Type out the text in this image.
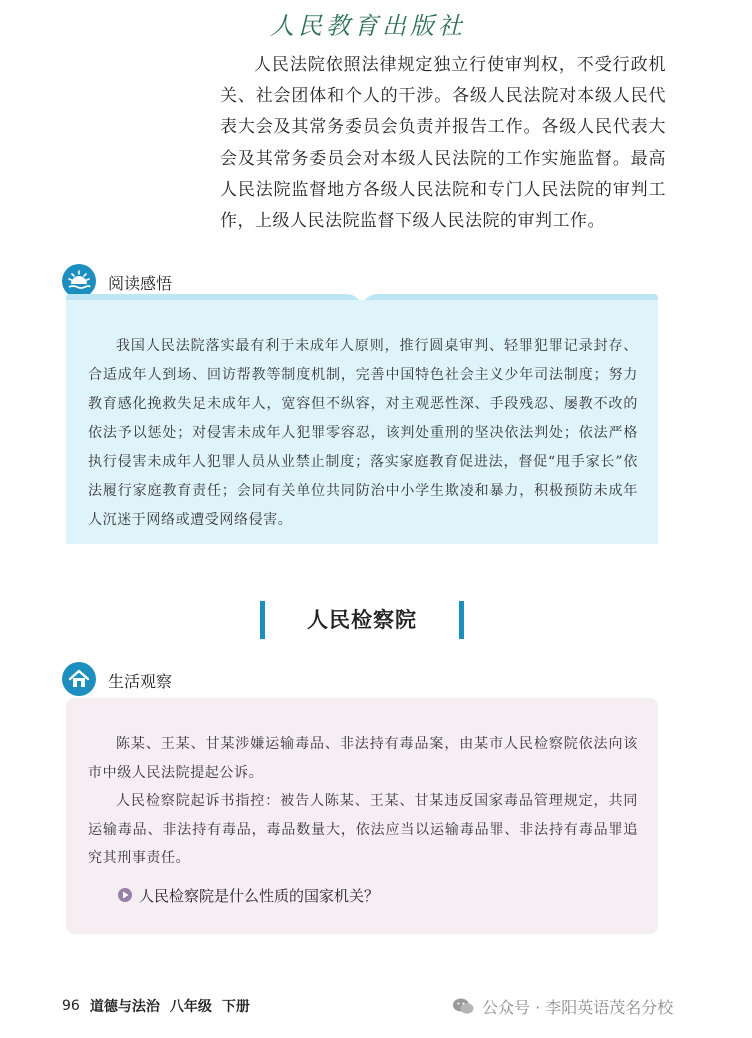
人民教育出版社
人民法院依照法律规定独立行使审判权，不受行政机关、社会团体和个人的干涉。各级人民法院对本级人民代表大会及其常务委员会负责并报告工作。各级人民代表大会及其常务委员会对本级人民法院的工作实施监督。最高人民法院监督地方各级人民法院和专门人民法院的审判工作，上级人民法院监督下级人民法院的审判工作。
阅读感悟
我国人民法院落实最有利于未成年人原则，推行圆桌审判、轻罪犯罪记录封存、合适成年人到场、回访帮教等制度机制，完善中国特色社会主义少年司法制度；努力教育感化挽救失足未成年人，宽容但不纵容，对主观恶性深、手段残忍、屡教不改的依法予以惩处；对侵害未成年人犯罪零容忍，该判处重刑的坚决依法判处；依法严格执行侵害未成年人犯罪人员从业禁止制度；落实家庭教育促进法，督促“甩手家长”依法履行家庭教育责任；会同有关单位共同防治中小学生欺凌和暴力，积极预防未成年人沉迷于网络或遭受网络侵害。
人民检察院
生活观察

陈某、王某、甘某涉嫌运输毒品、非法持有毒品案，由某市人民检察院依法向该市中级人民法院提起公诉。

人民检察院起诉书指控：被告人陈某、王某、甘某违反国家毒品管理规定，共同运输毒品、非法持有毒品，毒品数量大，依法应当以运输毒品罪、非法持有毒品罪追究其刑事责任。

人民检察院是什么性质的国家机关？
96 道德与法治 八年级 下册	公众号 · 李阳英语茂名分校
